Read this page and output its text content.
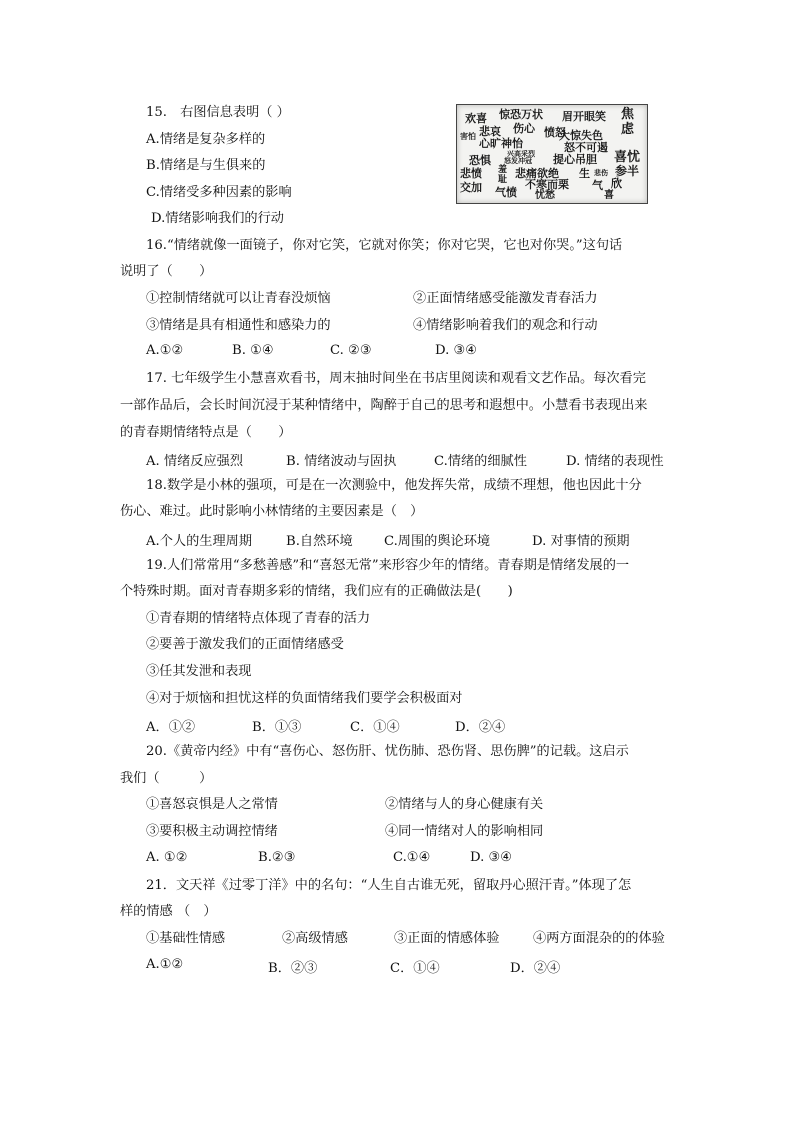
15.　右图信息表明（ ）
A.情绪是复杂多样的
B.情绪是与生俱来的
C.情绪受多种因素的影响
D.情绪影响我们的行动
欢喜 惊恐万状 眉开眼笑 焦
悲哀 伤心 愤怒	虑
害怕
心旷神怡
大惊失色
兴高采烈	怒不可遏
恐惧 怒发冲冠 提心吊胆 喜忧
悲愤 羞 悲痛欲绝 生 悲伤 参半
交加
耻
气愤
不寒而栗 气 欣
忧愁	喜
16.“情绪就像一面镜子，你对它笑，它就对你笑；你对它哭，它也对你哭。”这句话
说明了（　　）
①控制情绪就可以让青春没烦恼	②正面情绪感受能激发青春活力
③情绪是具有相通性和感染力的	④情绪影响着我们的观念和行动
A.①②	B. ①④	C. ②③	D. ③④
17. 七年级学生小慧喜欢看书，周末抽时间坐在书店里阅读和观看文艺作品。每次看完
一部作品后，会长时间沉浸于某种情绪中，陶醉于自己的思考和遐想中。小慧看书表现出来
的青春期情绪特点是（　　）
A. 情绪反应强烈	B. 情绪波动与固执	C.情绪的细腻性	D. 情绪的表现性
18.数学是小林的强项，可是在一次测验中，他发挥失常，成绩不理想，他也因此十分
伤心、难过。此时影响小林情绪的主要因素是（　）
A.个人的生理周期	B.自然环境 C.周围的舆论环境	D. 对事情的预期
19.人们常常用“多愁善感”和“喜怒无常”来形容少年的情绪。青春期是情绪发展的一
个特殊时期。面对青春期多彩的情绪，我们应有的正确做法是(　　)
①青春期的情绪特点体现了青春的活力
②要善于激发我们的正面情绪感受
③任其发泄和表现
④对于烦恼和担忧这样的负面情绪我们要学会积极面对
A．①②	B．①③	C．①④	D．②④
20.《黄帝内经》中有“喜伤心、怒伤肝、忧伤肺、恐伤肾、思伤脾”的记载。这启示
我们（　　　）
①喜怒哀惧是人之常情	②情绪与人的身心健康有关
③要积极主动调控情绪	④同一情绪对人的影响相同
A. ①②	B.②③	C.①④	D. ③④
21．文天祥《过零丁洋》中的名句：“人生自古谁无死，留取丹心照汗青。”体现了怎
样的情感 （　）
①基础性情感	②高级情感	③正面的情感体验	④两方面混杂的的体验
A.①②	B．②③	C．①④	D．②④
